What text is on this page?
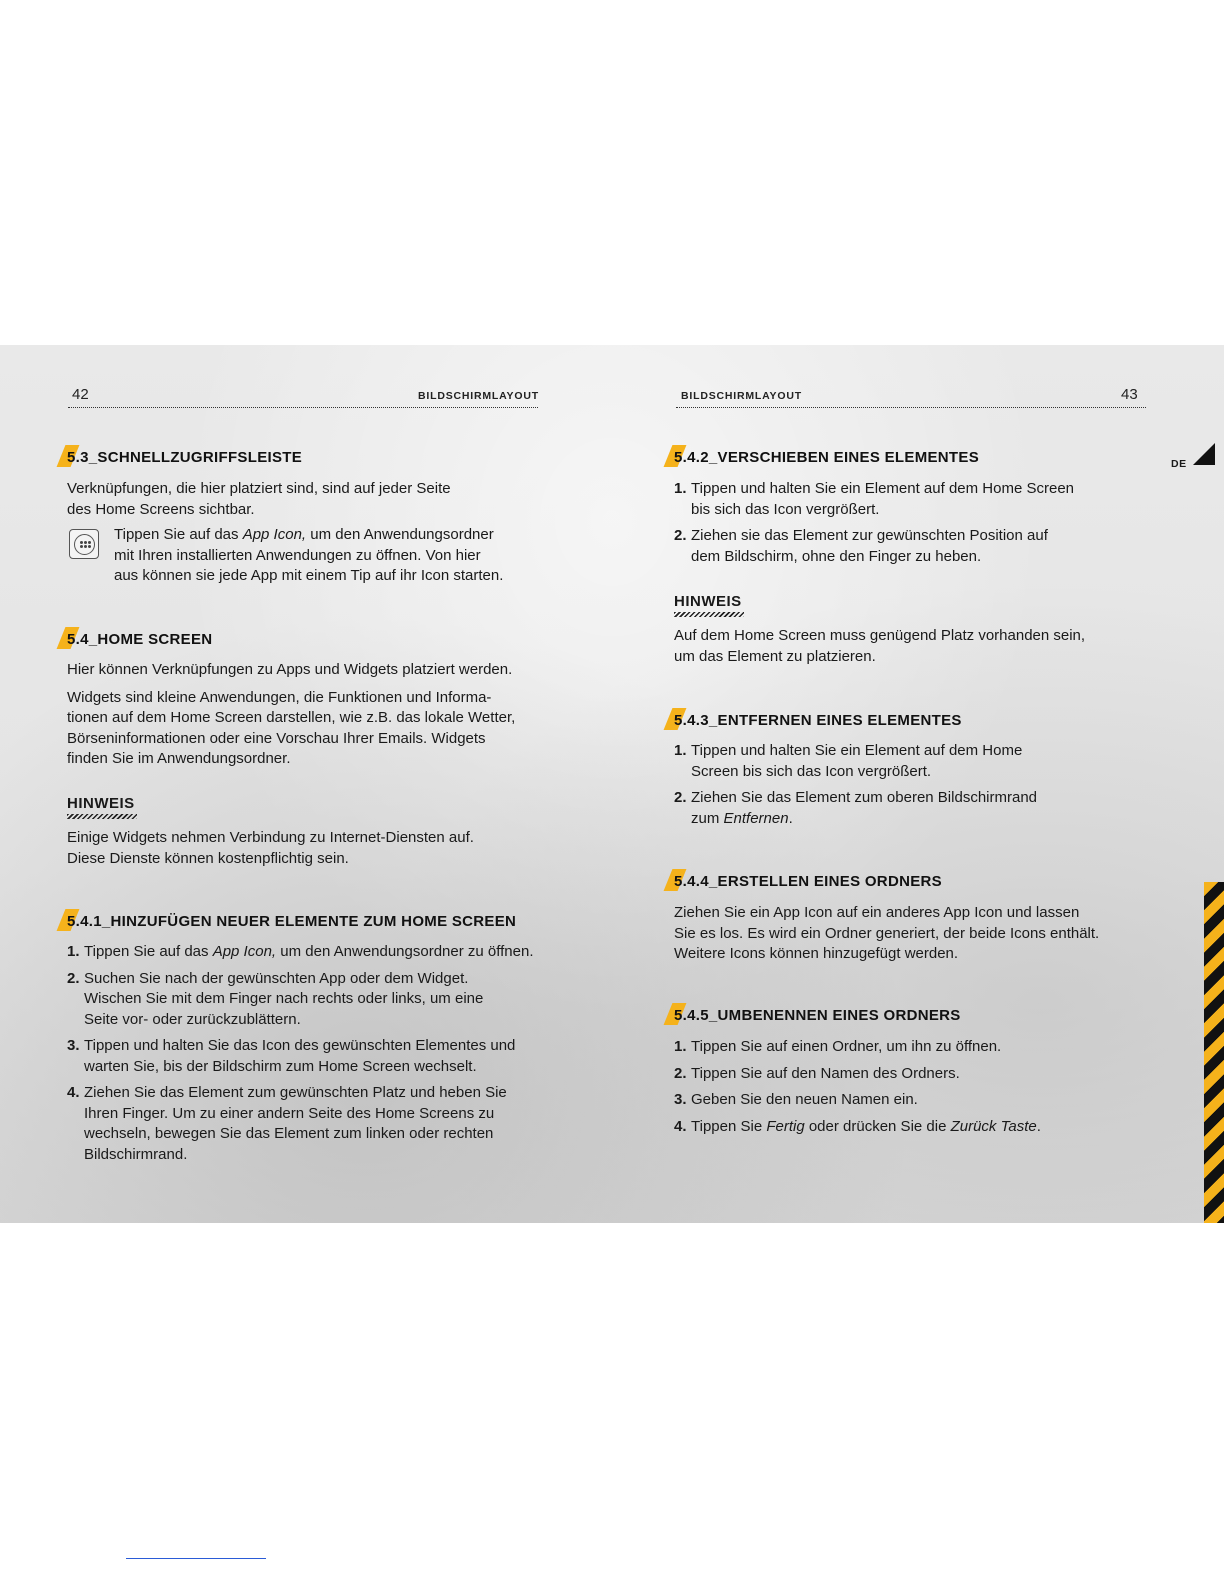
42	BILDSCHIRMLAYOUT	BILDSCHIRMLAYOUT	43
DE
5.3_SCHNELLZUGRIFFSLEISTE

Verknüpfungen, die hier platziert sind, sind auf jeder Seite

des Home Screens sichtbar.

Tippen Sie auf das App Icon, um den Anwendungsordner

mit Ihren installierten Anwendungen zu öffnen. Von hier

aus können sie jede App mit einem Tip auf ihr Icon starten.

5.4_HOME SCREEN

Hier können Verknüpfungen zu Apps und Widgets platziert werden.

Widgets sind kleine Anwendungen, die Funktionen und Informa-

tionen auf dem Home Screen darstellen, wie z.B. das lokale Wetter,

Börseninformationen oder eine Vorschau Ihrer Emails. Widgets

finden Sie im Anwendungsordner.

HINWEIS

Einige Widgets nehmen Verbindung zu Internet-Diensten auf.

Diese Dienste können kostenpflichtig sein.

5.4.1_HINZUFÜGEN NEUER ELEMENTE ZUM HOME SCREEN
1. Tippen Sie auf das App Icon, um den Anwendungsordner zu öffnen.
2. Suchen Sie nach der gewünschten App oder dem Widget.

Wischen Sie mit dem Finger nach rechts oder links, um eine

Seite vor- oder zurückzublättern.

3. Tippen und halten Sie das Icon des gewünschten Elementes und

warten Sie, bis der Bildschirm zum Home Screen wechselt.

4. Ziehen Sie das Element zum gewünschten Platz und heben Sie

Ihren Finger. Um zu einer andern Seite des Home Screens zu

wechseln, bewegen Sie das Element zum linken oder rechten

Bildschirmrand.

5.4.2_VERSCHIEBEN EINES ELEMENTES
1. Tippen und halten Sie ein Element auf dem Home Screen

bis sich das Icon vergrößert.

2. Ziehen sie das Element zur gewünschten Position auf

dem Bildschirm, ohne den Finger zu heben.

HINWEIS

Auf dem Home Screen muss genügend Platz vorhanden sein,

um das Element zu platzieren.

5.4.3_ENTFERNEN EINES ELEMENTES
1. Tippen und halten Sie ein Element auf dem Home

Screen bis sich das Icon vergrößert.

2. Ziehen Sie das Element zum oberen Bildschirmrand

zum Entfernen.

5.4.4_ERSTELLEN EINES ORDNERS

Ziehen Sie ein App Icon auf ein anderes App Icon und lassen

Sie es los. Es wird ein Ordner generiert, der beide Icons enthält.

Weitere Icons können hinzugefügt werden.

5.4.5_UMBENENNEN EINES ORDNERS
1. Tippen Sie auf einen Ordner, um ihn zu öffnen.
2. Tippen Sie auf den Namen des Ordners.
3. Geben Sie den neuen Namen ein.
4. Tippen Sie Fertig oder drücken Sie die Zurück Taste.
